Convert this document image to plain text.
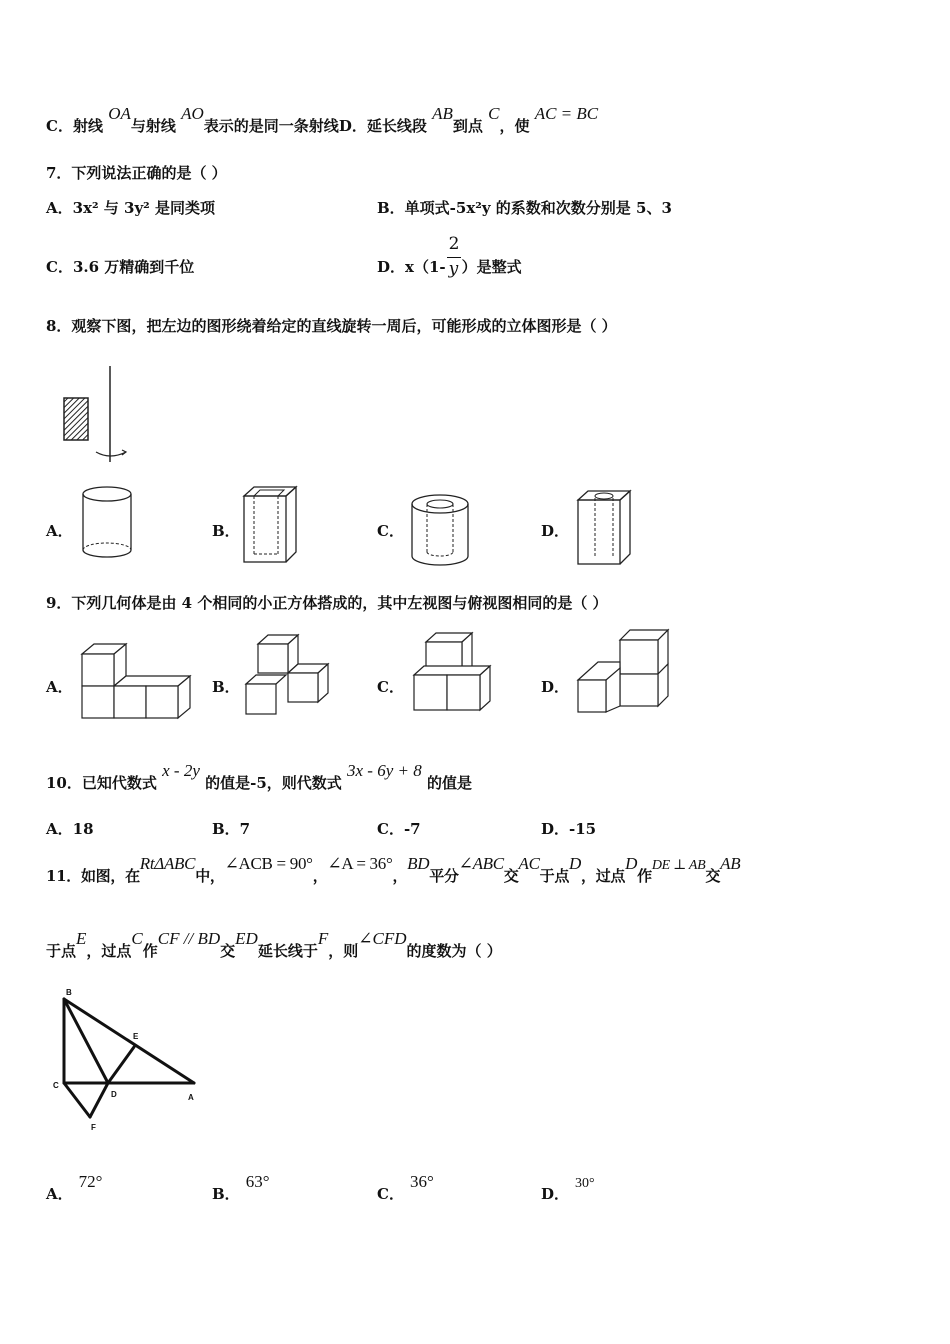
C．射线 OA与射线 AO表示的是同一条射线D．延长线段 AB到点 C，使 AC = BC
7．下列说法正确的是（ ）
A．3x² 与 3y² 是同类项	B．单项式-5x²y 的系数和次数分别是 5、3
C．3.6 万精确到千位	D．$x(1- \frac{2}{y}$ ）是整式
8．观察下图，把左边的图形绕着给定的直线旋转一周后，可能形成的立体图形是（ ）
A．	B．	C．	D．
9．下列几何体是由 4 个相同的小正方体搭成的，其中左视图与俯视图相同的是（ ）
A．	B．	C．	D．
10．已知代数式 x - 2y 的值是-5，则代数式 3x - 6y + 8 的值是
A．18	B．7	C．-7	D．-15
11．如图，在RtΔABC中，∠ACB = 90°，∠A = 36°，BD平分∠ABC交AC于点D，过点D作DE ⊥ AB交AB
于点E，过点C作CF // BD交ED延长线于F，则∠CFD的度数为（ ）
B
E
C
D	A
F
A．72°
B．63°
C．36°
D．30°
